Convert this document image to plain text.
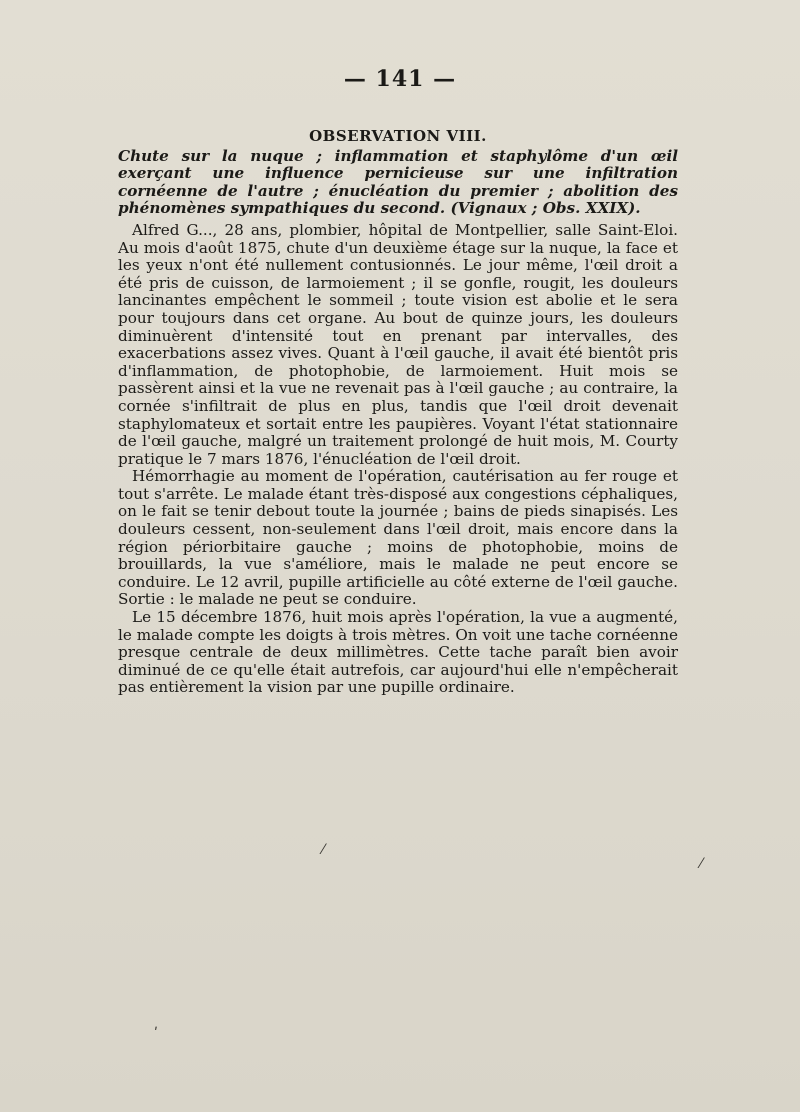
— 141 —
OBSERVATION VIII.

Chute sur la nuque ; inflammation et staphylôme d'un œil exerçant une influence pernicieuse sur une infiltration cornéenne de l'autre ; énucléation du premier ; abolition des phénomènes sympathiques du second. (Vignaux ; Obs. XXIX).

Alfred G..., 28 ans, plombier, hôpital de Montpellier, salle Saint-Eloi. Au mois d'août 1875, chute d'un deuxième étage sur la nuque, la face et les yeux n'ont été nullement contusionnés. Le jour même, l'œil droit a été pris de cuisson, de larmoiement ; il se gonfle, rougit, les douleurs lancinantes empêchent le sommeil ; toute vision est abolie et le sera pour toujours dans cet organe. Au bout de quinze jours, les douleurs diminuèrent d'intensité tout en prenant par intervalles, des exacerbations assez vives. Quant à l'œil gauche, il avait été bientôt pris d'inflammation, de photophobie, de larmoiement. Huit mois se passèrent ainsi et la vue ne revenait pas à l'œil gauche ; au contraire, la cornée s'infiltrait de plus en plus, tandis que l'œil droit devenait staphylomateux et sortait entre les paupières. Voyant l'état stationnaire de l'œil gauche, malgré un traitement prolongé de huit mois, M. Courty pratique le 7 mars 1876, l'énucléation de l'œil droit.

Hémorrhagie au moment de l'opération, cautérisation au fer rouge et tout s'arrête. Le malade étant très-disposé aux congestions céphaliques, on le fait se tenir debout toute la journée ; bains de pieds sinapisés. Les douleurs cessent, non-seulement dans l'œil droit, mais encore dans la région périorbitaire gauche ; moins de photophobie, moins de brouillards, la vue s'améliore, mais le malade ne peut encore se conduire. Le 12 avril, pupille artificielle au côté externe de l'œil gauche. Sortie : le malade ne peut se conduire.

Le 15 décembre 1876, huit mois après l'opération, la vue a augmenté, le malade compte les doigts à trois mètres. On voit une tache cornéenne presque centrale de deux millimètres. Cette tache paraît bien avoir diminué de ce qu'elle était autrefois, car aujourd'hui elle n'empêcherait pas entièrement la vision par une pupille ordinaire.

⁄
ʹ
⁄
